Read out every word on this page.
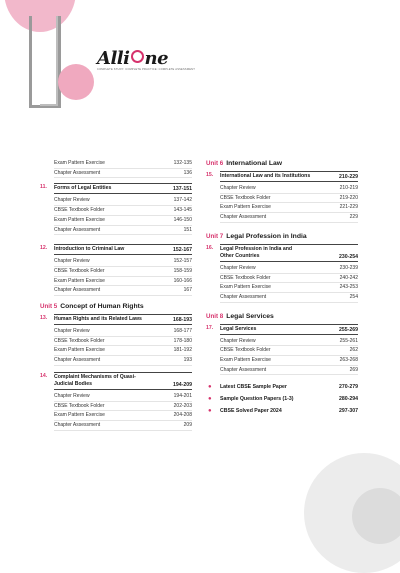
Alli ne
COMPLETE STUDY: COMPLETE PRACTICE: COMPLETE ASSESSMENT
Exam Pattern Exercise	132-135
Chapter Assessment	136
11.	Forms of Legal Entities	137-151
Chapter Review	137-142
CBSE Textbook Folder	143-145
Exam Pattern Exercise	146-150
Chapter Assessment	151
12.	Introduction to Criminal Law	152-167
Chapter Review	152-157
CBSE Textbook Folder	158-159
Exam Pattern Exercise	160-166
Chapter Assessment	167
Unit 5 Concept of Human Rights
13.	Human Rights and its Related Laws	168-193
Chapter Review	168-177
CBSE Textbook Folder	178-180
Exam Pattern Exercise	181-192
Chapter Assessment	193
14.	Complaint Mechanisms of Quasi-
Judicial Bodies	194-209
Chapter Review	194-201
CBSE Textbook Folder	202-203
Exam Pattern Exercise	204-208
Chapter Assessment	209
Unit 6 International Law
15.	International Law and its Institutions	210-229
Chapter Review	210-219
CBSE Textbook Folder	219-220
Exam Pattern Exercise	221-229
Chapter Assessment	229
Unit 7 Legal Profession in India
16.	Legal Profession in India and
Other Countries	230-254
Chapter Review	230-239
CBSE Textbook Folder	240-242
Exam Pattern Exercise	243-253
Chapter Assessment	254
Unit 8 Legal Services
17.	Legal Services	255-269
Chapter Review	255-261
CBSE Textbook Folder	262
Exam Pattern Exercise	263-268
Chapter Assessment	269
●	Latest CBSE Sample Paper	270-279
●	Sample Question Papers (1-3)	280-294
●	CBSE Solved Paper 2024	297-307
